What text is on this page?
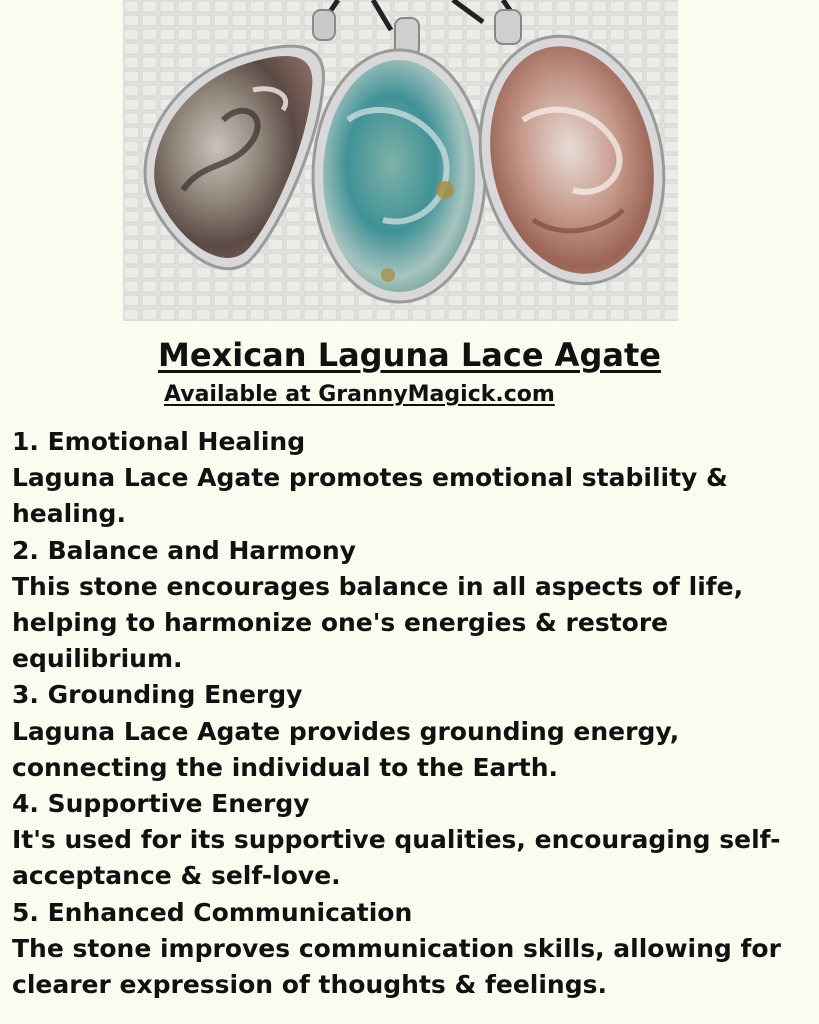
Mexican Laguna Lace Agate
Available at GrannyMagick.com

1. Emotional Healing

Laguna Lace Agate promotes emotional stability & healing.

2. Balance and Harmony

This stone encourages balance in all aspects of life, helping to harmonize one's energies & restore equilibrium.

3. Grounding Energy

Laguna Lace Agate provides grounding energy, connecting the individual to the Earth.

4. Supportive Energy

It's used for its supportive qualities, encouraging self-acceptance & self-love.

5. Enhanced Communication

The stone improves communication skills, allowing for clearer expression of thoughts & feelings.
